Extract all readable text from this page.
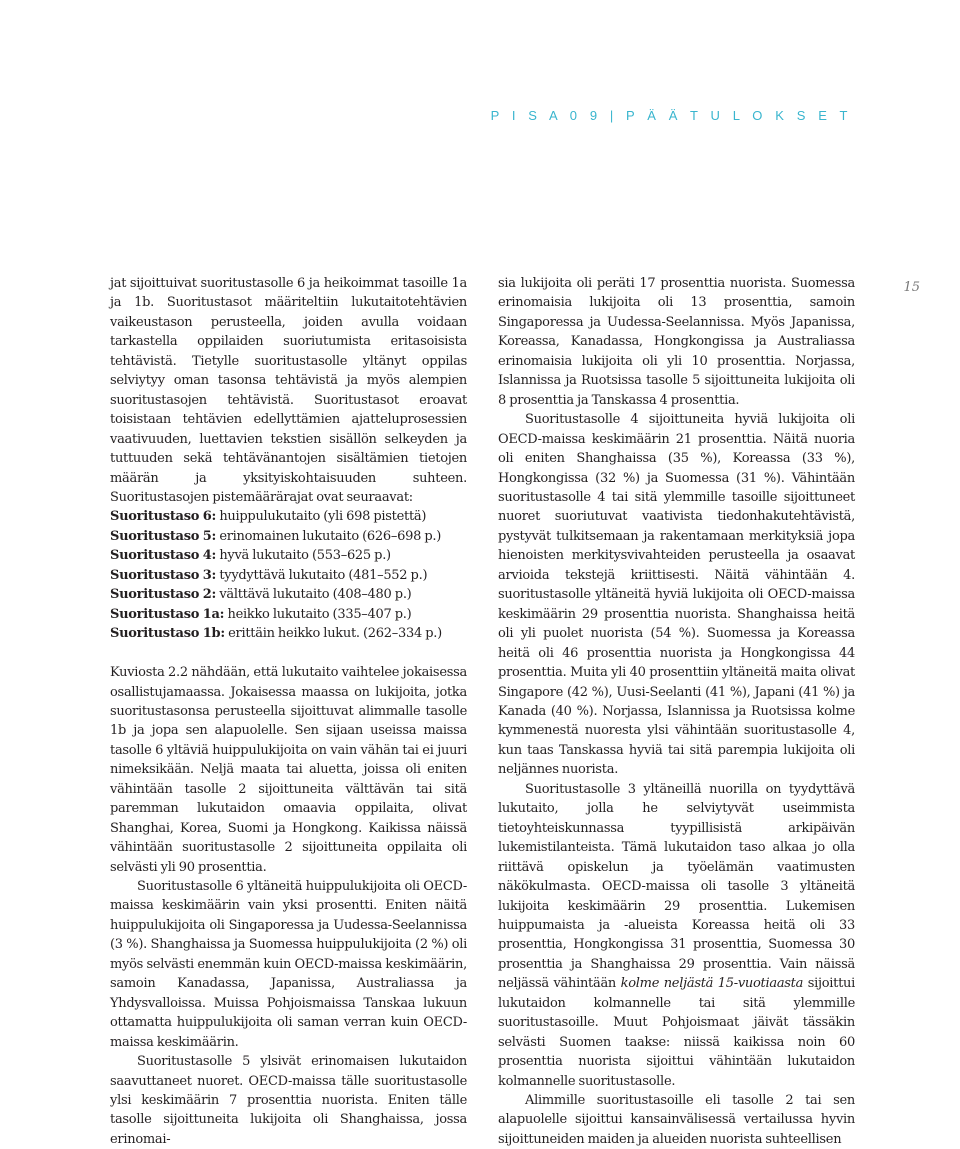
P I S A 0 9 | P Ä Ä T U L O K S E T
15

jat sijoittuivat suoritustasolle 6 ja heikoimmat tasoille 1a ja 1b. Suoritustasot määriteltiin lukutaitotehtävien vaikeustason perusteella, joiden avulla voidaan tarkastella oppilaiden suoriutumista eritasoisista tehtävistä. Tietylle suoritustasolle yltänyt oppilas selviytyy oman tasonsa tehtävistä ja myös alempien suoritustasojen tehtävistä. Suoritustasot eroavat toisistaan tehtävien edellyttämien ajatteluprosessien vaativuuden, luettavien tekstien sisällön selkeyden ja tuttuuden sekä tehtävänantojen sisältämien tietojen määrän ja yksityiskohtaisuuden suhteen. Suoritustasojen pistemäärärajat ovat seuraavat:

Suoritustaso 6: huippulukutaito (yli 698 pistettä)
Suoritustaso 5: erinomainen lukutaito (626–698 p.)
Suoritustaso 4: hyvä lukutaito (553–625 p.)
Suoritustaso 3: tyydyttävä lukutaito (481–552 p.)
Suoritustaso 2: välttävä lukutaito (408–480 p.)
Suoritustaso 1a: heikko lukutaito (335–407 p.)
Suoritustaso 1b: erittäin heikko lukut. (262–334 p.)

Kuviosta 2.2 nähdään, että lukutaito vaihtelee jokaisessa osallistujamaassa. Jokaisessa maassa on lukijoita, jotka suoritustasonsa perusteella sijoittuvat alimmalle tasolle 1b ja jopa sen alapuolelle. Sen sijaan useissa maissa tasolle 6 yltäviä huippulukijoita on vain vähän tai ei juuri nimeksikään. Neljä maata tai aluetta, joissa oli eniten vähintään tasolle 2 sijoittuneita välttävän tai sitä paremman lukutaidon omaavia oppilaita, olivat Shanghai, Korea, Suomi ja Hongkong. Kaikissa näissä vähintään suoritustasolle 2 sijoittuneita oppilaita oli selvästi yli 90 prosenttia.

Suoritustasolle 6 yltäneitä huippulukijoita oli OECD-maissa keskimäärin vain yksi prosentti. Eniten näitä huippulukijoita oli Singaporessa ja Uudessa-Seelannissa (3 %). Shanghaissa ja Suomessa huippulukijoita (2 %) oli myös selvästi enemmän kuin OECD-maissa keskimäärin, samoin Kanadassa, Japanissa, Australiassa ja Yhdysvalloissa. Muissa Pohjoismaissa Tanskaa lukuun ottamatta huippulukijoita oli saman verran kuin OECD-maissa keskimäärin.

Suoritustasolle 5 ylsivät erinomaisen lukutaidon saavuttaneet nuoret. OECD-maissa tälle suoritustasolle ylsi keskimäärin 7 prosenttia nuorista. Eniten tälle tasolle sijoittuneita lukijoita oli Shanghaissa, jossa erinomai-

sia lukijoita oli peräti 17 prosenttia nuorista. Suomessa erinomaisia lukijoita oli 13 prosenttia, samoin Singaporessa ja Uudessa-Seelannissa. Myös Japanissa, Koreassa, Kanadassa, Hongkongissa ja Australiassa erinomaisia lukijoita oli yli 10 prosenttia. Norjassa, Islannissa ja Ruotsissa tasolle 5 sijoittuneita lukijoita oli 8 prosenttia ja Tanskassa 4 prosenttia.

Suoritustasolle 4 sijoittuneita hyviä lukijoita oli OECD-maissa keskimäärin 21 prosenttia. Näitä nuoria oli eniten Shanghaissa (35 %), Koreassa (33 %), Hongkongissa (32 %) ja Suomessa (31 %). Vähintään suoritustasolle 4 tai sitä ylemmille tasoille sijoittuneet nuoret suoriutuvat vaativista tiedonhakutehtävistä, pystyvät tulkitsemaan ja rakentamaan merkityksiä jopa hienoisten merkitysvivahteiden perusteella ja osaavat arvioida tekstejä kriittisesti. Näitä vähintään 4. suoritustasolle yltäneitä hyviä lukijoita oli OECD-maissa keskimäärin 29 prosenttia nuorista. Shanghaissa heitä oli yli puolet nuorista (54 %). Suomessa ja Koreassa heitä oli 46 prosenttia nuorista ja Hongkongissa 44 prosenttia. Muita yli 40 prosenttiin yltäneitä maita olivat Singapore (42 %), Uusi-Seelanti (41 %), Japani (41 %) ja Kanada (40 %). Norjassa, Islannissa ja Ruotsissa kolme kymmenestä nuoresta ylsi vähintään suoritustasolle 4, kun taas Tanskassa hyviä tai sitä parempia lukijoita oli neljännes nuorista.

Suoritustasolle 3 yltäneillä nuorilla on tyydyttävä lukutaito, jolla he selviytyvät useimmista tietoyhteiskunnassa tyypillisistä arkipäivän lukemistilanteista. Tämä lukutaidon taso alkaa jo olla riittävä opiskelun ja työelämän vaatimusten näkökulmasta. OECD-maissa oli tasolle 3 yltäneitä lukijoita keskimäärin 29 prosenttia. Lukemisen huippumaista ja -alueista Koreassa heitä oli 33 prosenttia, Hongkongissa 31 prosenttia, Suomessa 30 prosenttia ja Shanghaissa 29 prosenttia. Vain näissä neljässä vähintään kolme neljästä 15-vuotiaasta sijoittui lukutaidon kolmannelle tai sitä ylemmille suoritustasoille. Muut Pohjoismaat jäivät tässäkin selvästi Suomen taakse: niissä kaikissa noin 60 prosenttia nuorista sijoittui vähintään lukutaidon kolmannelle suoritustasolle.

Alimmille suoritustasoille eli tasolle 2 tai sen alapuolelle sijoittui kansainvälisessä vertailussa hyvin sijoittuneiden maiden ja alueiden nuorista suhteellisen
